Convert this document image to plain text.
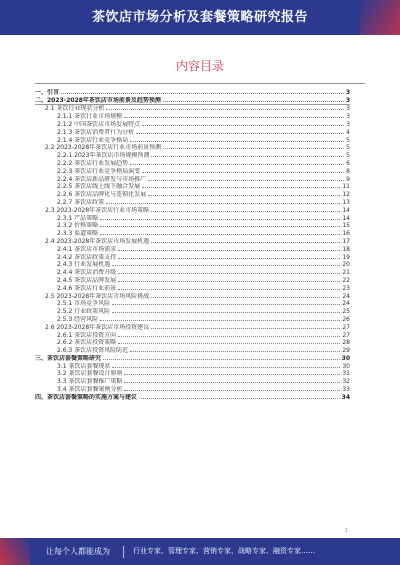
茶饮店市场分析及套餐策略研究报告
内容目录
一、引言	3
二、2023-2028年茶饮店市场前景及趋势预测	3
2.1 茶饮行业现状分析	3
2.1.1 茶饮行业市场规模	3
2.1.2 中国茶饮店市场发展特点	3
2.1.3 茶饮店消费者行为分析	4
2.1.4 茶饮店行业竞争格局	5
2.2 2023-2028年茶饮店行业市场前景预测	5
2.2.1 2023年茶饮店市场规模预测	5
2.2.2 茶饮店行业发展趋势	6
2.2.3 茶饮店行业竞争格局演变	8
2.2.4 茶饮店新品研发与市场推广	9
2.2.5 茶饮店线上线下融合发展	11
2.2.6 茶饮店品牌化与连锁化发展	12
2.2.7 茶饮店政策	13
2.3 2023-2028年茶饮店行业市场策略	14
2.3.1 产品策略	14
2.3.2 价格策略	15
2.3.3 渠道策略	16
2.4 2023-2028年茶饮店市场发展机遇	17
2.4.1 茶饮店市场需求	18
2.4.2 茶饮店政策支持	19
2.4.3 行业发展机遇	20
2.4.4 茶饮店消费升级	21
2.4.5 茶饮店品牌发展	22
2.4.6 茶饮店行业前景	23
2.5 2023-2028年茶饮店市场风险挑战	24
2.5.1 市场竞争风险	24
2.5.2 行业政策风险	25
2.5.3 经营风险	26
2.6 2023-2028年茶饮店市场投资建议	27
2.6.1 茶饮店投资方向	27
2.6.2 茶饮店投资策略	28
2.6.3 茶饮店投资风险防范	29
三、茶饮店套餐策略研究	30
3.1 茶饮店套餐现状	30
3.2 茶饮店套餐设计原则	31
3.3 茶饮店套餐推广策略	32
3.4 茶饮店套餐案例分析	33
四、茶饮店套餐策略的实施方案与建议	34
1
让每个人都能成为	行业专家、管理专家、营销专家、战略专家、融资专家……
